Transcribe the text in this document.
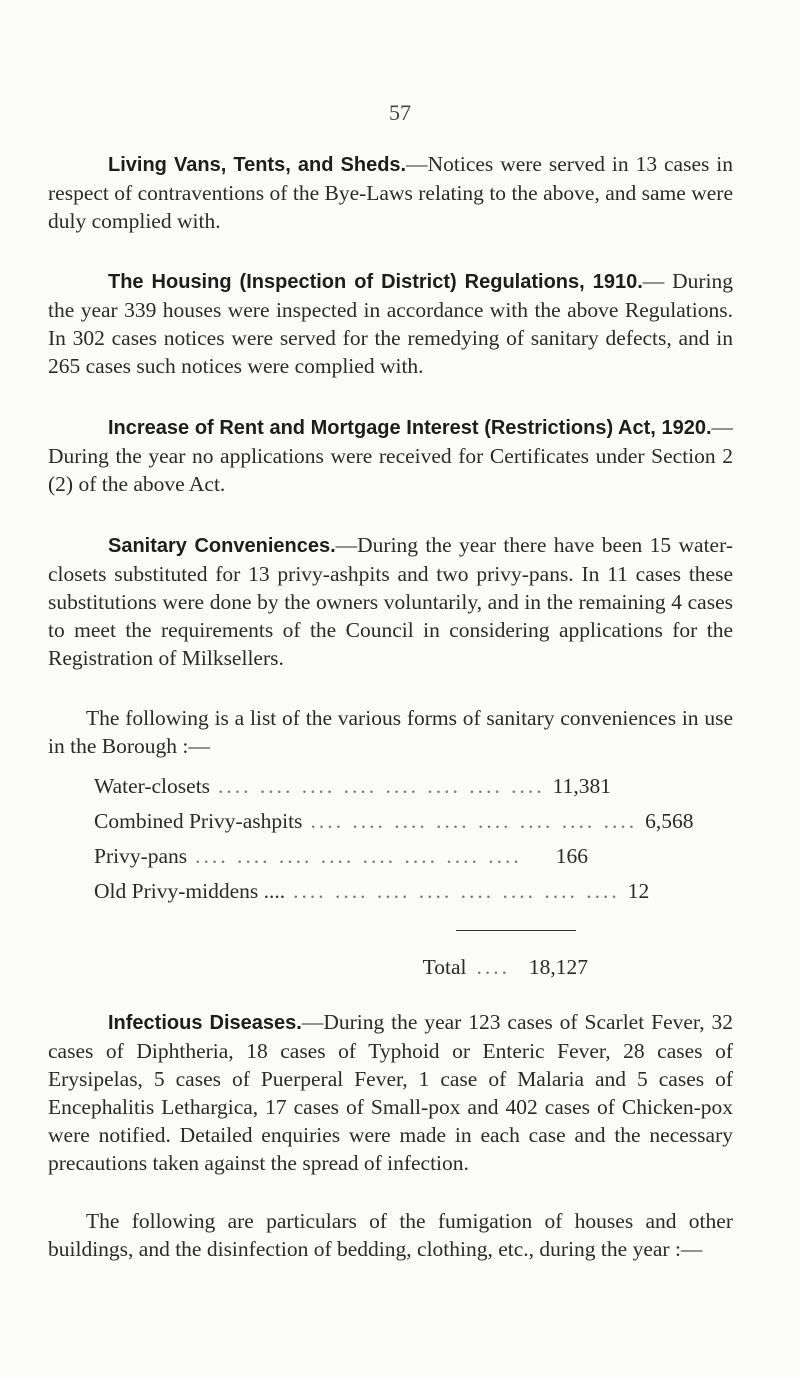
57

Living Vans, Tents, and Sheds.—Notices were served in 13 cases in respect of contraventions of the Bye-Laws relating to the above, and same were duly complied with.

The Housing (Inspection of District) Regulations, 1910.— During the year 339 houses were inspected in accordance with the above Regulations. In 302 cases notices were served for the remedying of sanitary defects, and in 265 cases such notices were complied with.

Increase of Rent and Mortgage Interest (Restrictions) Act, 1920.—During the year no applications were received for Certificates under Section 2 (2) of the above Act.

Sanitary Conveniences.—During the year there have been 15 water-closets substituted for 13 privy-ashpits and two privy-pans. In 11 cases these substitutions were done by the owners voluntarily, and in the remaining 4 cases to meet the requirements of the Council in considering applications for the Registration of Milksellers.

The following is a list of the various forms of sanitary conveniences in use in the Borough :—

Water-closets .... .... .... .... .... .... .... .... 11,381
Combined Privy-ashpits .... .... .... .... .... .... .... .... 6,568
Privy-pans .... .... .... .... .... .... .... ....	166
Old Privy-middens .... .... .... .... .... .... .... .... .... 12
Total .... 18,127

Infectious Diseases.—During the year 123 cases of Scarlet Fever, 32 cases of Diphtheria, 18 cases of Typhoid or Enteric Fever, 28 cases of Erysipelas, 5 cases of Puerperal Fever, 1 case of Malaria and 5 cases of Encephalitis Lethargica, 17 cases of Small-pox and 402 cases of Chicken-pox were notified. Detailed enquiries were made in each case and the necessary precautions taken against the spread of infection.

The following are particulars of the fumigation of houses and other buildings, and the disinfection of bedding, clothing, etc., during the year :—
